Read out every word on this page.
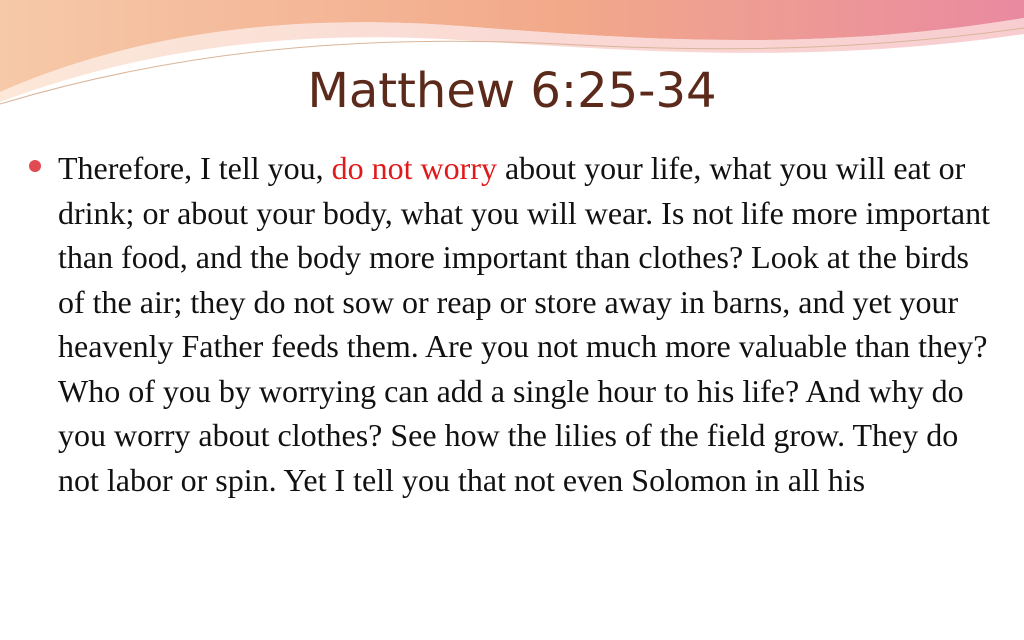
Matthew 6:25-34

Therefore, I tell you, do not worry about your life, what you will eat or drink; or about your body, what you will wear. Is not life more important than food, and the body more important than clothes? Look at the birds of the air; they do not sow or reap or store away in barns, and yet your heavenly Father feeds them. Are you not much more valuable than they? Who of you by worrying can add a single hour to his life? And why do you worry about clothes? See how the lilies of the field grow. They do not labor or spin. Yet I tell you that not even Solomon in all his
